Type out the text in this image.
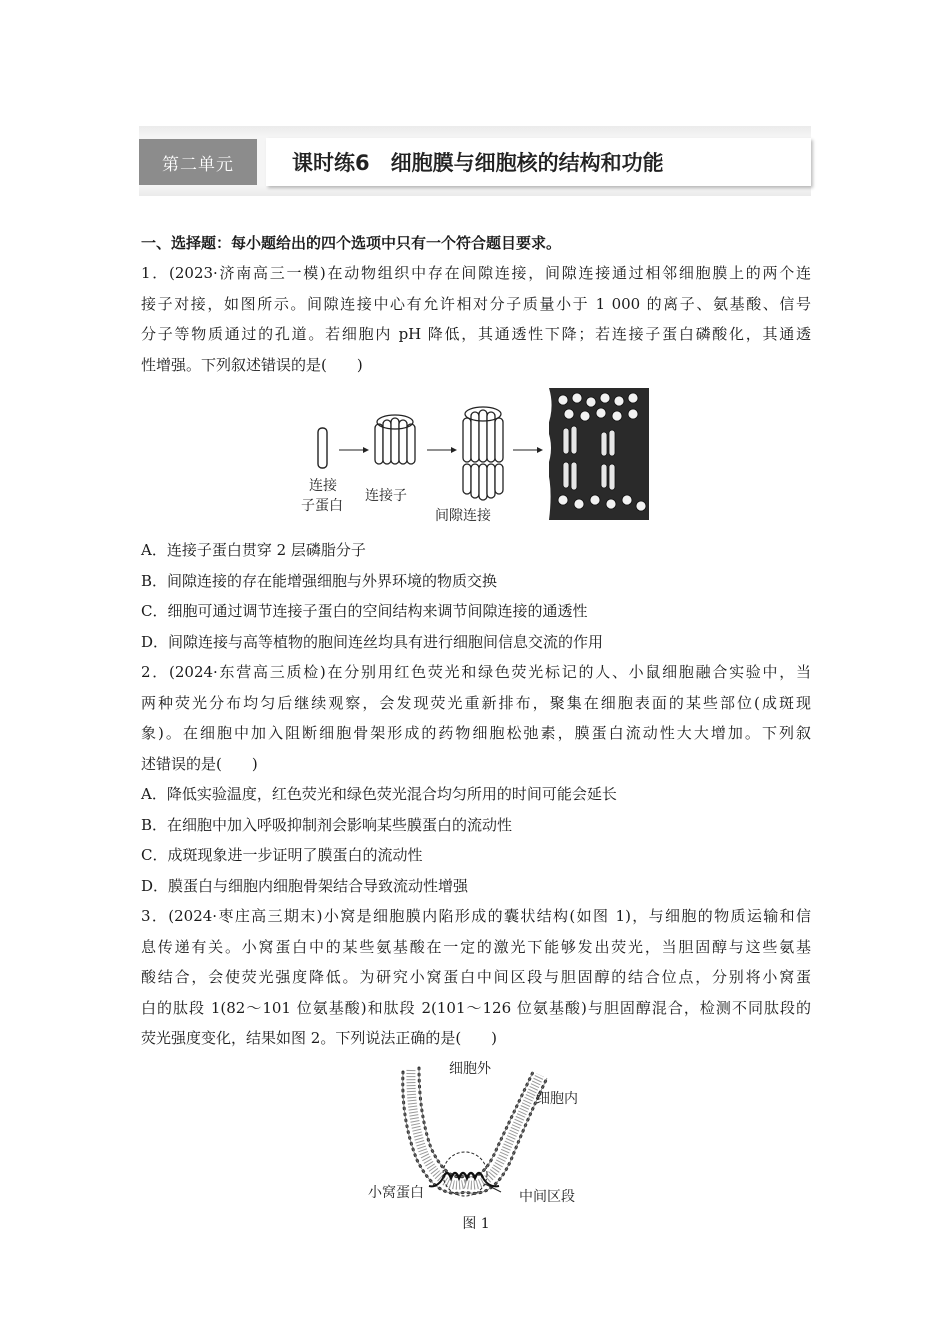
第二单元	课时练6　细胞膜与细胞核的结构和功能
一、选择题：每小题给出的四个选项中只有一个符合题目要求。
1．(2023·济南高三一模)在动物组织中存在间隙连接，间隙连接通过相邻细胞膜上的两个连
接子对接，如图所示。间隙连接中心有允许相对分子质量小于 1 000 的离子、氨基酸、信号
分子等物质通过的孔道。若细胞内 pH 降低，其通透性下降；若连接子蛋白磷酸化，其通透
性增强。下列叙述错误的是(　　)
连接
子蛋白
连接子
间隙连接
A．连接子蛋白贯穿 2 层磷脂分子
B．间隙连接的存在能增强细胞与外界环境的物质交换
C．细胞可通过调节连接子蛋白的空间结构来调节间隙连接的通透性
D．间隙连接与高等植物的胞间连丝均具有进行细胞间信息交流的作用
2．(2024·东营高三质检)在分别用红色荧光和绿色荧光标记的人、小鼠细胞融合实验中，当
两种荧光分布均匀后继续观察，会发现荧光重新排布，聚集在细胞表面的某些部位(成斑现
象)。在细胞中加入阻断细胞骨架形成的药物细胞松弛素，膜蛋白流动性大大增加。下列叙
述错误的是(　　)
A．降低实验温度，红色荧光和绿色荧光混合均匀所用的时间可能会延长
B．在细胞中加入呼吸抑制剂会影响某些膜蛋白的流动性
C．成斑现象进一步证明了膜蛋白的流动性
D．膜蛋白与细胞内细胞骨架结合导致流动性增强
3．(2024·枣庄高三期末)小窝是细胞膜内陷形成的囊状结构(如图 1)，与细胞的物质运输和信
息传递有关。小窝蛋白中的某些氨基酸在一定的激光下能够发出荧光，当胆固醇与这些氨基
酸结合，会使荧光强度降低。为研究小窝蛋白中间区段与胆固醇的结合位点，分别将小窝蛋
白的肽段 1(82～101 位氨基酸)和肽段 2(101～126 位氨基酸)与胆固醇混合，检测不同肽段的
荧光强度变化，结果如图 2。下列说法正确的是(　　)
细胞外
细胞内
小窝蛋白	中间区段
图 1
